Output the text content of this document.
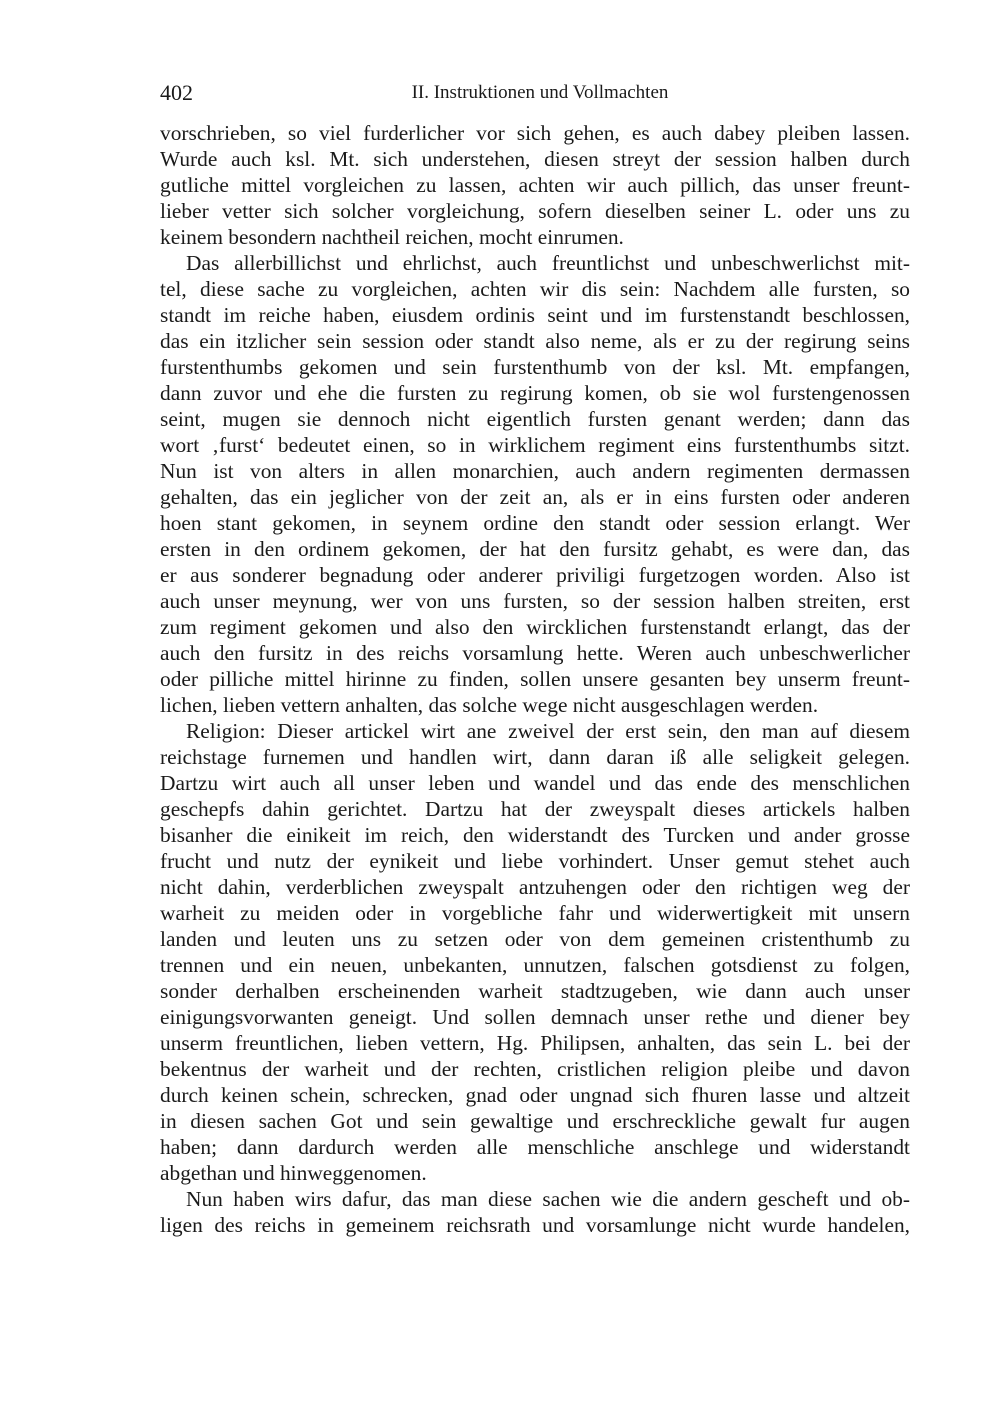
402	II. Instruktionen und Vollmachten
vorschrieben, so viel furderlicher vor sich gehen, es auch dabey pleiben lassen.
Wurde auch ksl. Mt. sich understehen, diesen streyt der session halben durch
gutliche mittel vorgleichen zu lassen, achten wir auch pillich, das unser freunt-
lieber vetter sich solcher vorgleichung, sofern dieselben seiner L. oder uns zu
keinem besondern nachtheil reichen, mocht einrumen.
Das allerbillichst und ehrlichst, auch freuntlichst und unbeschwerlichst mit-
tel, diese sache zu vorgleichen, achten wir dis sein: Nachdem alle fursten, so
standt im reiche haben, eiusdem ordinis seint und im furstenstandt beschlossen,
das ein itzlicher sein session oder standt also neme, als er zu der regirung seins
furstenthumbs gekomen und sein furstenthumb von der ksl. Mt. empfangen,
dann zuvor und ehe die fursten zu regirung komen, ob sie wol furstengenossen
seint, mugen sie dennoch nicht eigentlich fursten genant werden; dann das
wort ‚furst‘ bedeutet einen, so in wirklichem regiment eins furstenthumbs sitzt.
Nun ist von alters in allen monarchien, auch andern regimenten dermassen
gehalten, das ein jeglicher von der zeit an, als er in eins fursten oder anderen
hoen stant gekomen, in seynem ordine den standt oder session erlangt. Wer
ersten in den ordinem gekomen, der hat den fursitz gehabt, es were dan, das
er aus sonderer begnadung oder anderer priviligi furgetzogen worden. Also ist
auch unser meynung, wer von uns fursten, so der session halben streiten, erst
zum regiment gekomen und also den wircklichen furstenstandt erlangt, das der
auch den fursitz in des reichs vorsamlung hette. Weren auch unbeschwerlicher
oder pilliche mittel hirinne zu finden, sollen unsere gesanten bey unserm freunt-
lichen, lieben vettern anhalten, das solche wege nicht ausgeschlagen werden.
Religion: Dieser artickel wirt ane zweivel der erst sein, den man auf diesem
reichstage furnemen und handlen wirt, dann daran iß alle seligkeit gelegen.
Dartzu wirt auch all unser leben und wandel und das ende des menschlichen
geschepfs dahin gerichtet. Dartzu hat der zweyspalt dieses artickels halben
bisanher die einikeit im reich, den widerstandt des Turcken und ander grosse
frucht und nutz der eynikeit und liebe vorhindert. Unser gemut stehet auch
nicht dahin, verderblichen zweyspalt antzuhengen oder den richtigen weg der
warheit zu meiden oder in vorgebliche fahr und widerwertigkeit mit unsern
landen und leuten uns zu setzen oder von dem gemeinen cristenthumb zu
trennen und ein neuen, unbekanten, unnutzen, falschen gotsdienst zu folgen,
sonder derhalben erscheinenden warheit stadtzugeben, wie dann auch unser
einigungsvorwanten geneigt. Und sollen demnach unser rethe und diener bey
unserm freuntlichen, lieben vettern, Hg. Philipsen, anhalten, das sein L. bei der
bekentnus der warheit und der rechten, cristlichen religion pleibe und davon
durch keinen schein, schrecken, gnad oder ungnad sich fhuren lasse und altzeit
in diesen sachen Got und sein gewaltige und erschreckliche gewalt fur augen
haben; dann dardurch werden alle menschliche anschlege und widerstandt
abgethan und hinweggenomen.
Nun haben wirs dafur, das man diese sachen wie die andern gescheft und ob-
ligen des reichs in gemeinem reichsrath und vorsamlunge nicht wurde handelen,
